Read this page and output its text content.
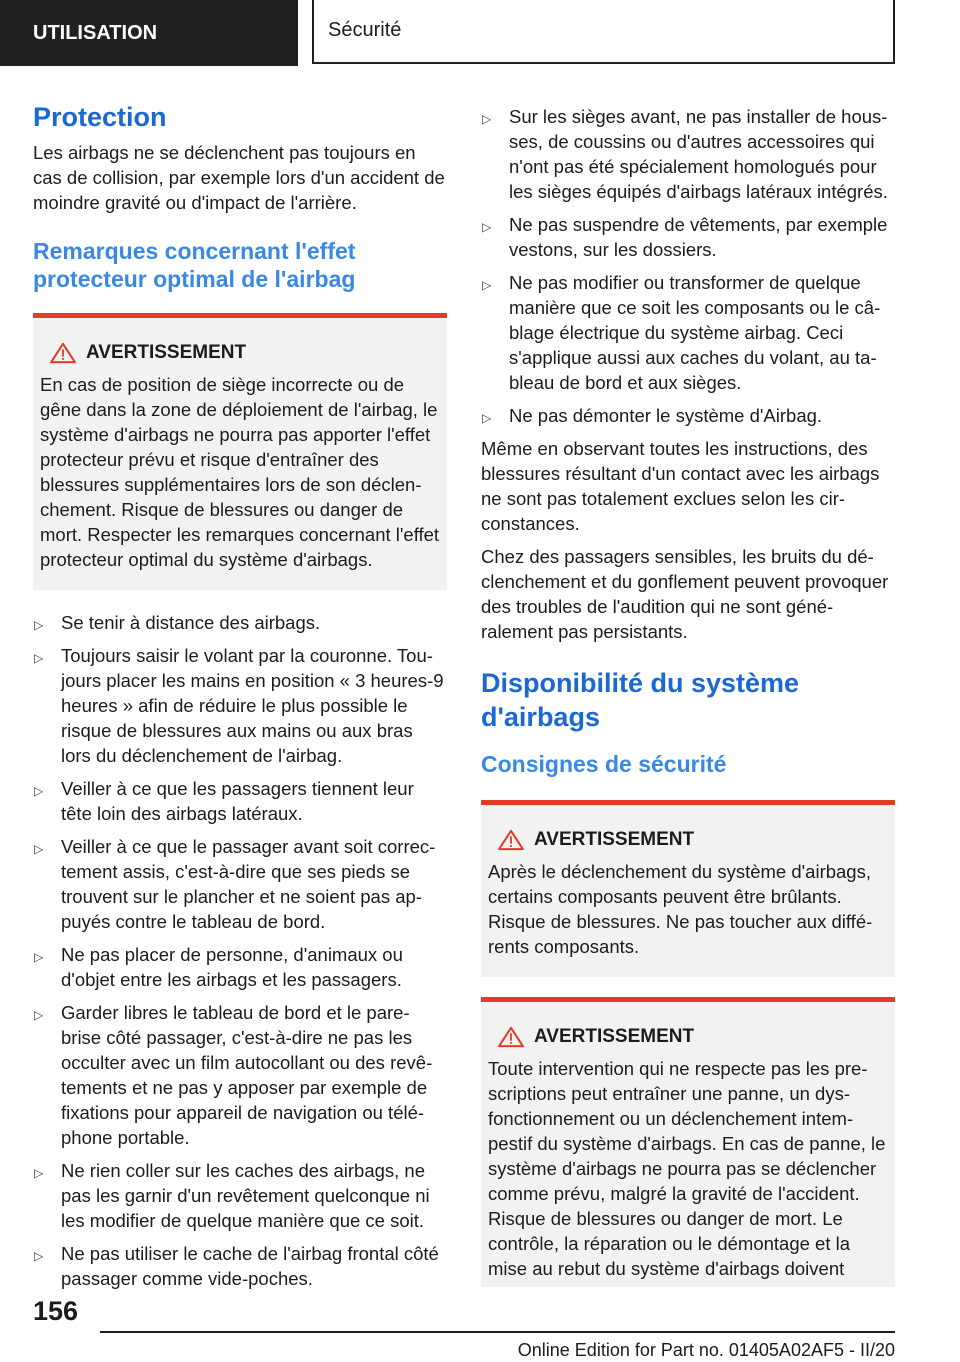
UTILISATION	Sécurité
Protection

Les airbags ne se déclenchent pas toujours en cas de collision, par exemple lors d'un accident de moindre gravité ou d'impact de l'arrière.

Remarques concernant l'effet protecteur optimal de l'airbag
AVERTISSEMENT

En cas de position de siège incorrecte ou de gêne dans la zone de déploiement de l'airbag, le système d'airbags ne pourra pas apporter l'effet protecteur prévu et risque d'entraîner des blessures supplémentaires lors de son déclenchement. Risque de blessures ou danger de mort. Respecter les remarques concernant l'effet protecteur optimal du système d'airbags.

▷ Se tenir à distance des airbags.
▷ Toujours saisir le volant par la couronne. Toujours placer les mains en position « 3 heures-9 heures » afin de réduire le plus possible le risque de blessures aux mains ou aux bras lors du déclenchement de l'airbag.
▷ Veiller à ce que les passagers tiennent leur tête loin des airbags latéraux.
▷ Veiller à ce que le passager avant soit correctement assis, c'est-à-dire que ses pieds se trouvent sur le plancher et ne soient pas appuyés contre le tableau de bord.
▷ Ne pas placer de personne, d'animaux ou d'objet entre les airbags et les passagers.
▷ Garder libres le tableau de bord et le pare-brise côté passager, c'est-à-dire ne pas les occulter avec un film autocollant ou des revêtements et ne pas y apposer par exemple de fixations pour appareil de navigation ou téléphone portable.
▷ Ne rien coller sur les caches des airbags, ne pas les garnir d'un revêtement quelconque ni les modifier de quelque manière que ce soit.
▷ Ne pas utiliser le cache de l'airbag frontal côté passager comme vide-poches.
▷ Sur les sièges avant, ne pas installer de housses, de coussins ou d'autres accessoires qui n'ont pas été spécialement homologués pour les sièges équipés d'airbags latéraux intégrés.
▷ Ne pas suspendre de vêtements, par exemple vestons, sur les dossiers.
▷ Ne pas modifier ou transformer de quelque manière que ce soit les composants ou le câblage électrique du système airbag. Ceci s'applique aussi aux caches du volant, au tableau de bord et aux sièges.
▷ Ne pas démonter le système d'Airbag.

Même en observant toutes les instructions, des blessures résultant d'un contact avec les airbags ne sont pas totalement exclues selon les circonstances.

Chez des passagers sensibles, les bruits du déclenchement et du gonflement peuvent provoquer des troubles de l'audition qui ne sont généralement pas persistants.

Disponibilité du système d'airbags
Consignes de sécurité
AVERTISSEMENT

Après le déclenchement du système d'airbags, certains composants peuvent être brûlants. Risque de blessures. Ne pas toucher aux différents composants.

AVERTISSEMENT

Toute intervention qui ne respecte pas les prescriptions peut entraîner une panne, un dysfonctionnement ou un déclenchement intempestif du système d'airbags. En cas de panne, le système d'airbags ne pourra pas se déclencher comme prévu, malgré la gravité de l'accident. Risque de blessures ou danger de mort. Le contrôle, la réparation ou le démontage et la mise au rebut du système d'airbags doivent

156
Online Edition for Part no. 01405A02AF5 - II/20
